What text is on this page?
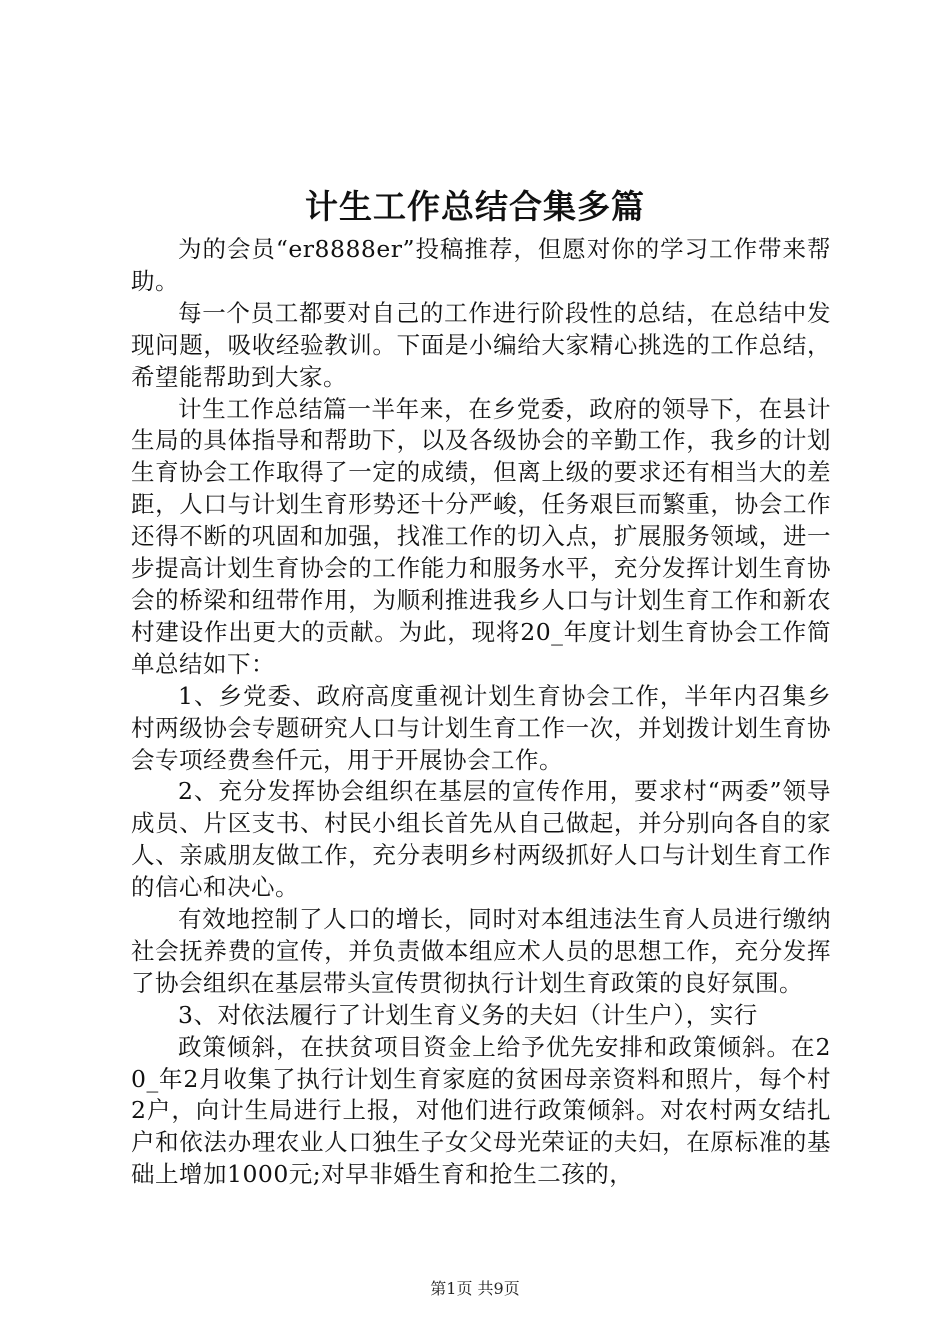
计生工作总结合集多篇

为的会员“er8888er”投稿推荐，但愿对你的学习工作带来帮助。

每一个员工都要对自己的工作进行阶段性的总结，在总结中发现问题，吸收经验教训。下面是小编给大家精心挑选的工作总结，希望能帮助到大家。

计生工作总结篇一半年来，在乡党委，政府的领导下，在县计生局的具体指导和帮助下，以及各级协会的辛勤工作，我乡的计划生育协会工作取得了一定的成绩，但离上级的要求还有相当大的差距，人口与计划生育形势还十分严峻，任务艰巨而繁重，协会工作还得不断的巩固和加强，找准工作的切入点，扩展服务领域，进一步提高计划生育协会的工作能力和服务水平，充分发挥计划生育协会的桥梁和纽带作用，为顺利推进我乡人口与计划生育工作和新农村建设作出更大的贡献。为此，现将20_年度计划生育协会工作简单总结如下：

1、乡党委、政府高度重视计划生育协会工作，半年内召集乡村两级协会专题研究人口与计划生育工作一次，并划拨计划生育协会专项经费叁仟元，用于开展协会工作。

2、充分发挥协会组织在基层的宣传作用，要求村“两委”领导成员、片区支书、村民小组长首先从自己做起，并分别向各自的家人、亲戚朋友做工作，充分表明乡村两级抓好人口与计划生育工作的信心和决心。

有效地控制了人口的增长，同时对本组违法生育人员进行缴纳社会抚养费的宣传，并负责做本组应术人员的思想工作，充分发挥了协会组织在基层带头宣传贯彻执行计划生育政策的良好氛围。

3、对依法履行了计划生育义务的夫妇（计生户），实行

政策倾斜，在扶贫项目资金上给予优先安排和政策倾斜。在20_年2月收集了执行计划生育家庭的贫困母亲资料和照片，每个村2户，向计生局进行上报，对他们进行政策倾斜。对农村两女结扎户和依法办理农业人口独生子女父母光荣证的夫妇，在原标准的基础上增加1000元;对早非婚生育和抢生二孩的，

第1页 共9页
